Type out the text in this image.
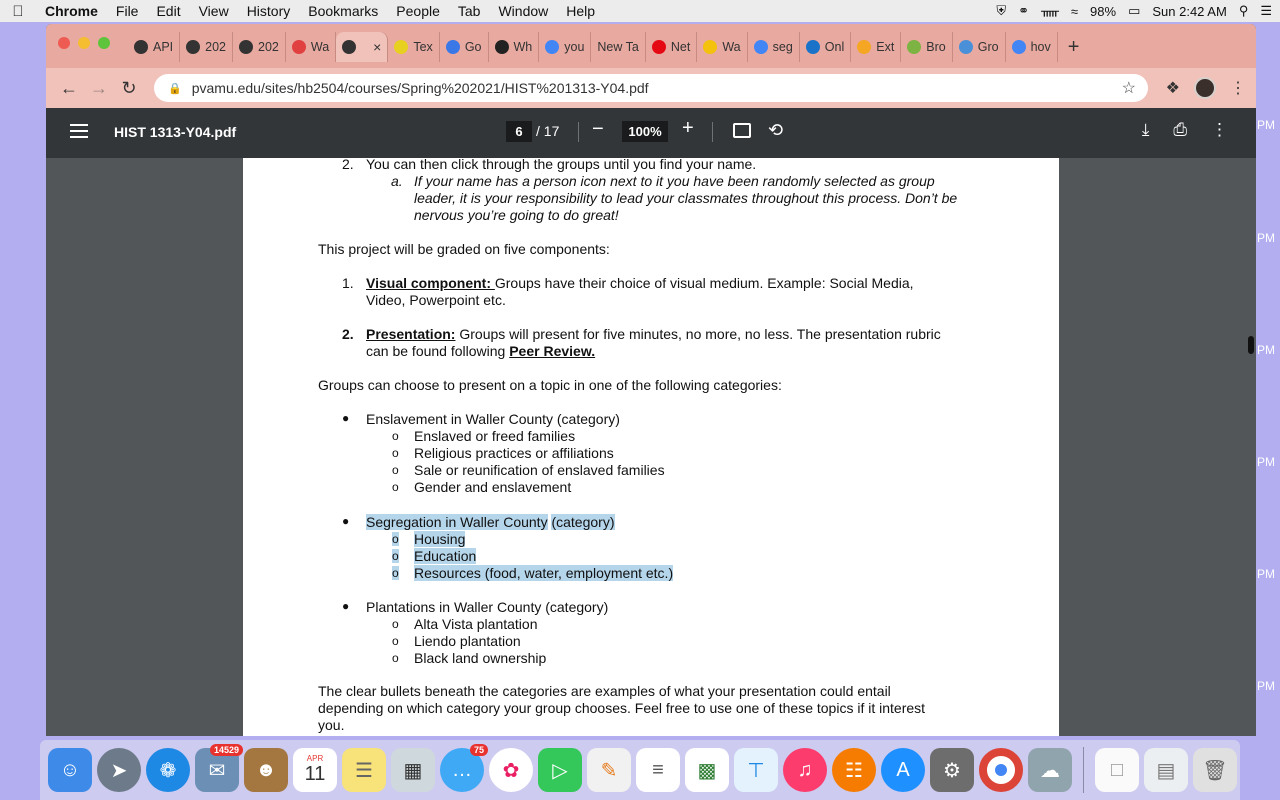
Chrome	File	Edit	View	History	Bookmarks	People	Tab	Window	Help	⛨ ⚭ ᚅ ≈ 98% ▭ Sun 2:42 AM ⚲ ☰
API	202	202	Wa	×	Tex	Go	Wh	you New Ta	Net	Wa	seg	Onl	Ext	Bro	Gro	hov +
← → ↻	🔒 pvamu.edu/sites/hb2504/courses/Spring%202021/HIST%201313-Y04.pdf	☆ ❖	⋮
HIST 1313-Y04.pdf	6 / 17 −	100%	+	⟲	⤓ ⎙ ⋮
2. You can then click through the groups until you find your name.
a. If your name has a person icon next to it you have been randomly selected as group
leader, it is your responsibility to lead your classmates throughout this process. Don’t be
nervous you’re going to do great!
This project will be graded on five components:
1. Visual component: Groups have their choice of visual medium. Example: Social Media,
Video, Powerpoint etc.
2. Presentation: Groups will present for five minutes, no more, no less. The presentation rubric
can be found following Peer Review.
Groups can choose to present on a topic in one of the following categories:
● Enslavement in Waller County (category)
o Enslaved or freed families
o Religious practices or affiliations
o Sale or reunification of enslaved families
o Gender and enslavement
● Segregation in Waller County (category)
o Housing
o Education
o Resources (food, water, employment etc.)
● Plantations in Waller County (category)
o Alta Vista plantation
o Liendo plantation
o Black land ownership
The clear bullets beneath the categories are examples of what your presentation could entail
depending on which category your group chooses. Feel free to use one of these topics if it interest
you.
PM
PM
PM
PM
PM
PM
☺	➤	❁	✉
14529
☻	APR
11	☰	▦	…
75
✿	▷	✎	≡	▩	⊤	♫	☷	A	⚙	☁	□	▤	🗑
